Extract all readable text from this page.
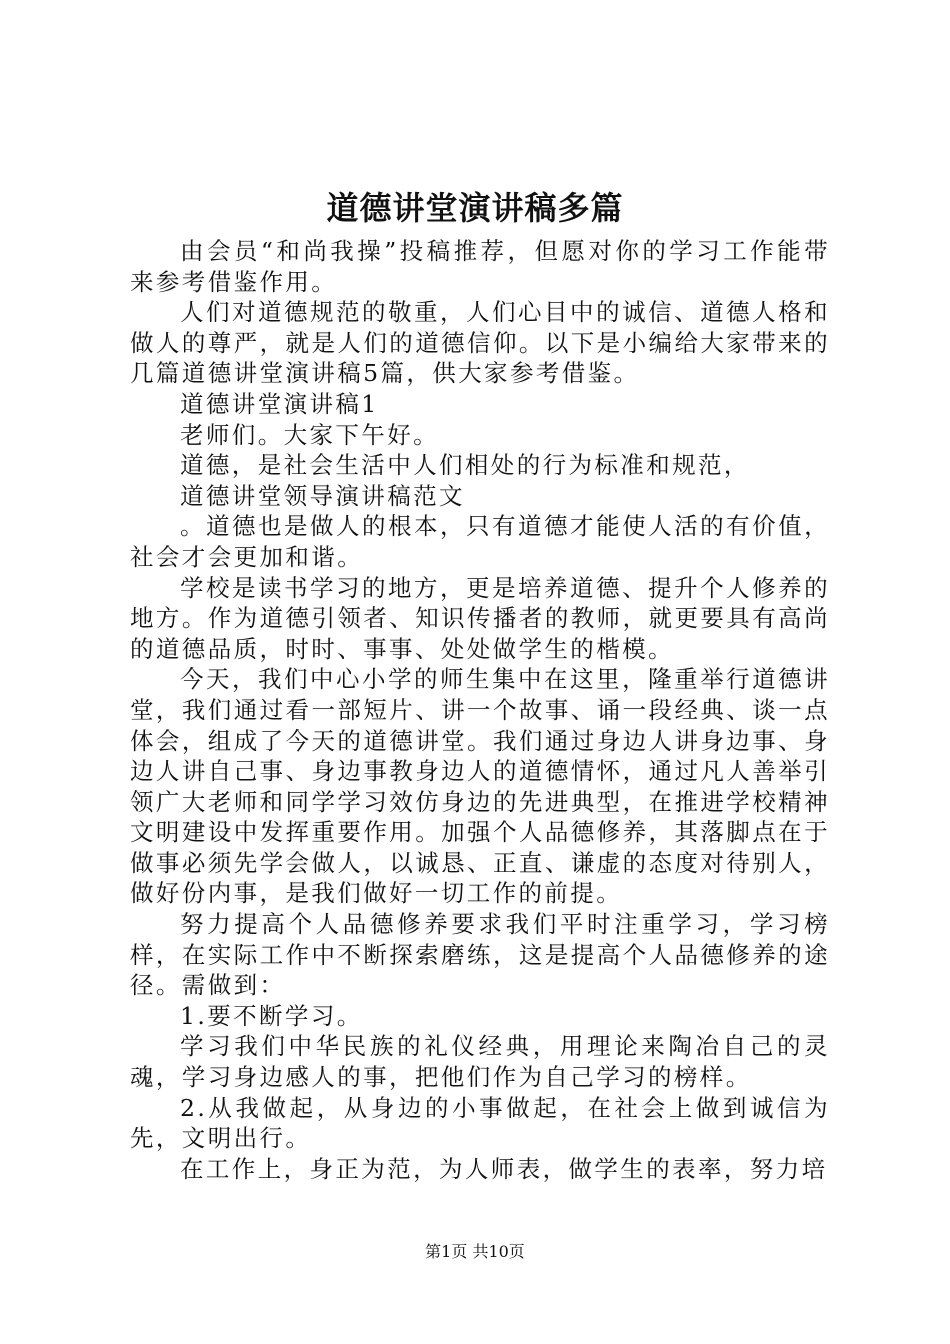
道德讲堂演讲稿多篇

由会员“和尚我操”投稿推荐，但愿对你的学习工作能带来参考借鉴作用。

人们对道德规范的敬重，人们心目中的诚信、道德人格和做人的尊严，就是人们的道德信仰。以下是小编给大家带来的几篇道德讲堂演讲稿5篇，供大家参考借鉴。

道德讲堂演讲稿1

老师们。大家下午好。

道德，是社会生活中人们相处的行为标准和规范，

道德讲堂领导演讲稿范文

。道德也是做人的根本，只有道德才能使人活的有价值，社会才会更加和谐。

学校是读书学习的地方，更是培养道德、提升个人修养的地方。作为道德引领者、知识传播者的教师，就更要具有高尚的道德品质，时时、事事、处处做学生的楷模。

今天，我们中心小学的师生集中在这里，隆重举行道德讲堂，我们通过看一部短片、讲一个故事、诵一段经典、谈一点体会，组成了今天的道德讲堂。我们通过身边人讲身边事、身边人讲自己事、身边事教身边人的道德情怀，通过凡人善举引领广大老师和同学学习效仿身边的先进典型，在推进学校精神文明建设中发挥重要作用。加强个人品德修养，其落脚点在于做事必须先学会做人，以诚恳、正直、谦虚的态度对待别人，做好份内事，是我们做好一切工作的前提。

努力提高个人品德修养要求我们平时注重学习，学习榜样，在实际工作中不断探索磨练，这是提高个人品德修养的途径。需做到：

1.要不断学习。

学习我们中华民族的礼仪经典，用理论来陶冶自己的灵魂，学习身边感人的事，把他们作为自己学习的榜样。

2.从我做起，从身边的小事做起，在社会上做到诚信为先，文明出行。

在工作上，身正为范，为人师表，做学生的表率，努力培

第1页 共10页
